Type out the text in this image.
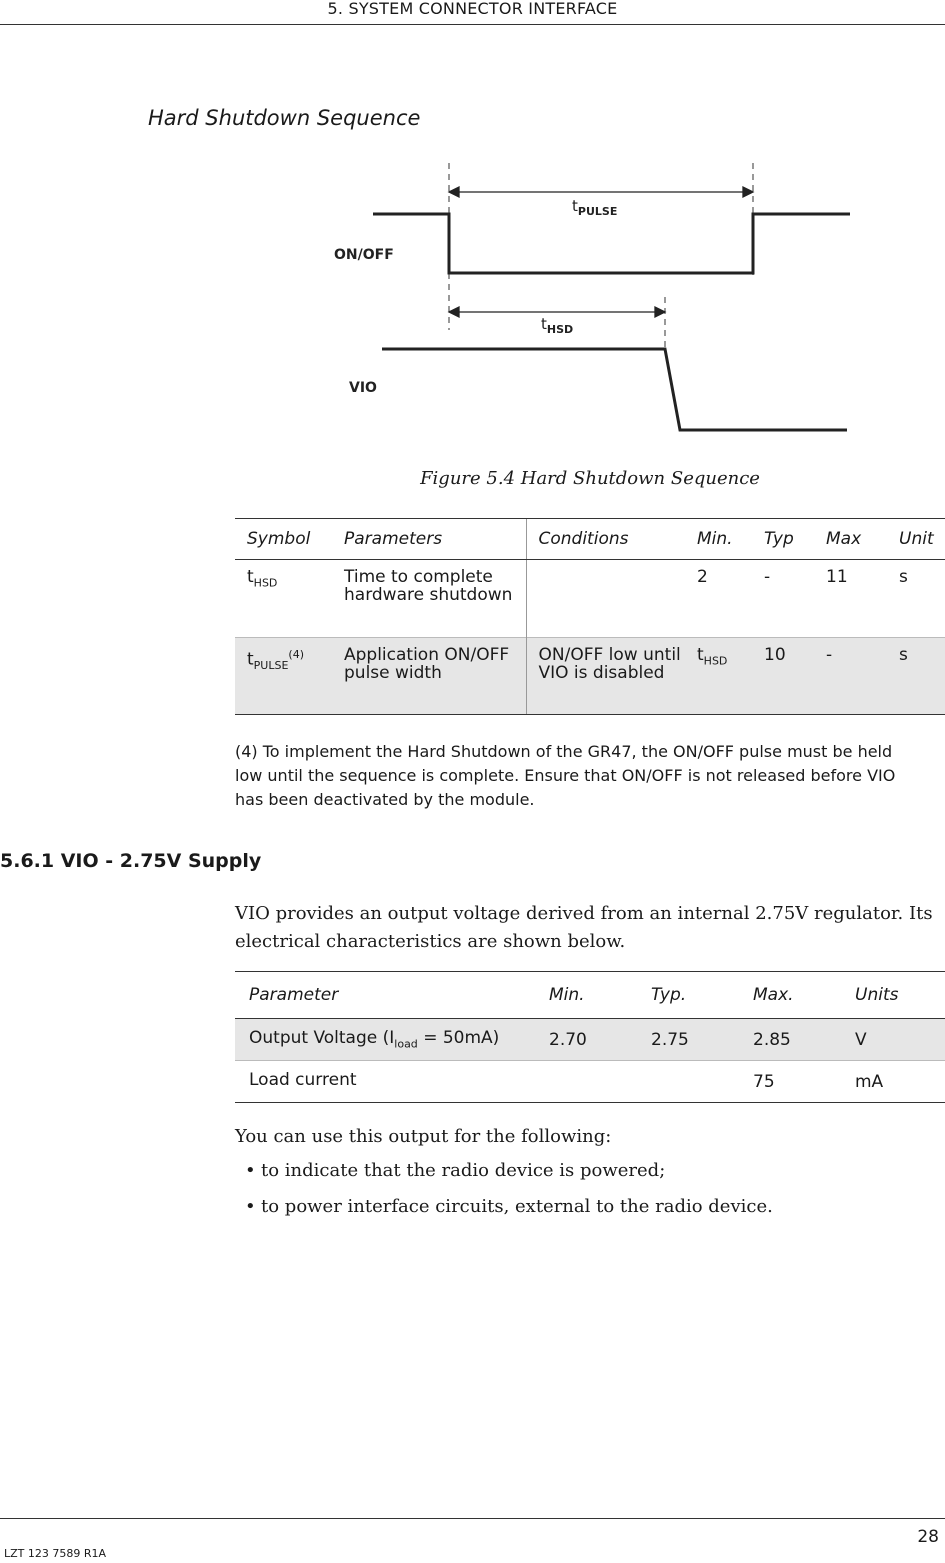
5. SYSTEM CONNECTOR INTERFACE
Hard Shutdown Sequence
$t_{PULSE}$
$t_{HSD}$
ON/OFF
VIO
Figure 5.4 Hard Shutdown Sequence
Symbol	Parameters	Conditions	Min.	Typ	Max	Unit
$t_{HSD}$	Time to complete hardware shutdown		2	-	11	s
$t_{PULSE}^{(4)}$	Application ON/OFF pulse width	ON/OFF low until VIO is disabled	$t_{HSD}$	10	-	s
(4) To implement the Hard Shutdown of the GR47, the ON/OFF pulse must be held low until the sequence is complete. Ensure that ON/OFF is not released before VIO has been deactivated by the module.
5.6.1 VIO - 2.75V Supply
VIO provides an output voltage derived from an internal 2.75V regulator. Its electrical characteristics are shown below.
Parameter	Min.	Typ.	Max.	Units
Output Voltage $(I_{load} = 50mA)$	2.70	2.75	2.85	V
Load current			75	mA
You can use this output for the following:
• to indicate that the radio device is powered;
• to power interface circuits, external to the radio device.
28
LZT 123 7589 R1A
